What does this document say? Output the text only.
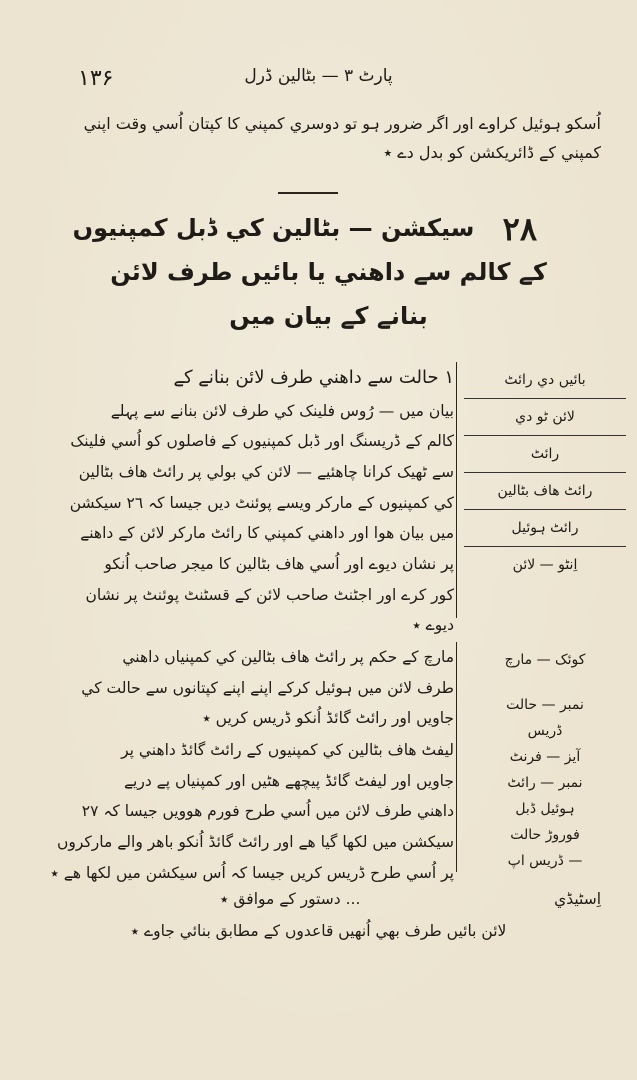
۱۳۶	پارٹ ٣ — بٹالین ڈرل
اُسکو ہوئیل کراوے اور اگر ضرور ہو تو دوسري کمپني کا کپتان اُسي وقت اپني
کمپني کے ڈائریکشن کو بدل دے ٭
۲۸
سیکشن — بٹالین کي ڈبل کمپنیوں
کے کالم سے داھني یا بائیں طرف لائن
بنانے کے بیان میں
۱ حالت سے داھني طرف لائن بنانے کے
بیان میں — رُوس فلینک کي طرف لائن بنانے سے پہلے
کالم کے ڈریسنگ اور ڈبل کمپنیوں کے فاصلوں کو اُسي فلینک
سے ٹھیک کرانا چاھئیے — لائن کي بولي پر رائٹ ھاف بٹالین
کي کمپنیوں کے مارکر ویسے پوئنٹ دیں جیسا کہ ۲٦ سیکشن
میں بیان ھوا اور داھني کمپني کا رائٹ مارکر لائن کے داھنے
پر نشان دیوے اور اُسي ھاف بٹالین کا میجر صاحب اُنکو
کور کرے اور اجٹنٹ صاحب لائن کے قسٹنٹ پوئنٹ پر نشان
دیوے ٭
بائیں دي رائٹ
لائن ٹو دي
رائٹ
رائٹ ھاف بٹالین
رائٹ ہوئیل
اِنٹو — لائن
مارچ کے حکم پر رائٹ ھاف بٹالین کي کمپنیاں داھني
طرف لائن میں ہوئیل کرکے اپنے اپنے کپتانوں سے حالت کي
جاویں اور رائٹ گائڈ اُنکو ڈریس کریں ٭
لیفٹ ھاف بٹالین کي کمپنیوں کے رائٹ گائڈ داھني پر
جاویں اور لیفٹ گائڈ پیچھے ھٹیں اور کمپنیاں پے دریے
داھني طرف لائن میں اُسي طرح فورم ھوویں جیسا کہ ۲۷
سیکشن میں لکھا گیا ھے اور رائٹ گائڈ اُنکو باھر والے مارکروں
پر اُسي طرح ڈریس کریں جیسا کہ اُس سیکشن میں لکھا ھے ٭
کوئک — مارچ
نمبر — حالت
ڈریس
آیز — فرنٹ
نمبر — رائٹ
ہوئیل ڈبل
فوروڑ حالت
— ڈریس اپ
اِسٹیڈي
... دستور کے موافق ٭
لائن بائیں طرف بھي اُنھیں قاعدوں کے مطابق بنائي جاوے ٭
